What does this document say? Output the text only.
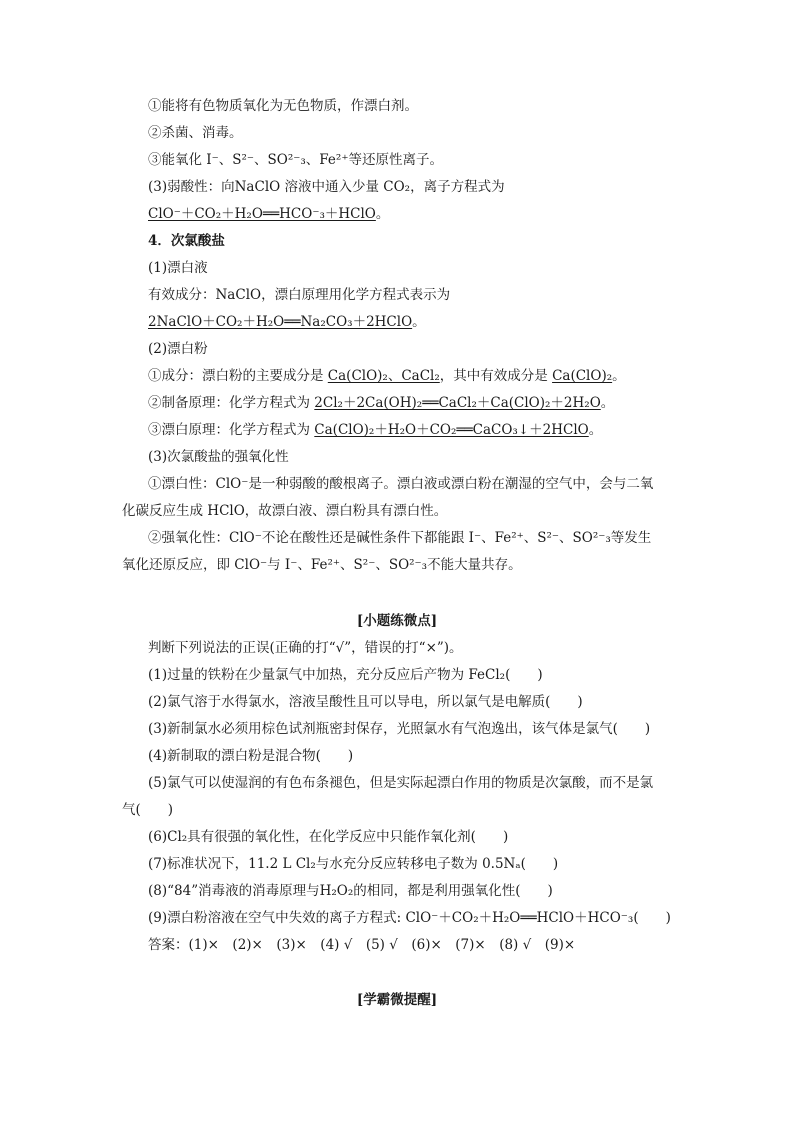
①能将有色物质氧化为无色物质，作漂白剂。
②杀菌、消毒。
③能氧化 I⁻、S²⁻、SO²⁻₃、Fe²⁺等还原性离子。
(3)弱酸性：向NaClO 溶液中通入少量 CO₂，离子方程式为
ClO⁻＋CO₂＋H₂O══HCO⁻₃＋HClO。
4．次氯酸盐
(1)漂白液
有效成分：NaClO，漂白原理用化学方程式表示为
2NaClO＋CO₂＋H₂O══Na₂CO₃＋2HClO。
(2)漂白粉
①成分：漂白粉的主要成分是 Ca(ClO)₂、CaCl₂，其中有效成分是 Ca(ClO)₂。
②制备原理：化学方程式为 2Cl₂＋2Ca(OH)₂══CaCl₂＋Ca(ClO)₂＋2H₂O。
③漂白原理：化学方程式为 Ca(ClO)₂＋H₂O＋CO₂══CaCO₃↓＋2HClO。
(3)次氯酸盐的强氧化性
①漂白性：ClO⁻是一种弱酸的酸根离子。漂白液或漂白粉在潮湿的空气中，会与二氧
化碳反应生成 HClO，故漂白液、漂白粉具有漂白性。
②强氧化性：ClO⁻不论在酸性还是碱性条件下都能跟 I⁻、Fe²⁺、S²⁻、SO²⁻₃等发生
氧化还原反应，即 ClO⁻与 I⁻、Fe²⁺、S²⁻、SO²⁻₃不能大量共存。
[小题练微点]
判断下列说法的正误(正确的打“√”，错误的打“×”)。
(1)过量的铁粉在少量氯气中加热，充分反应后产物为 FeCl₂(　　)
(2)氯气溶于水得氯水，溶液呈酸性且可以导电，所以氯气是电解质(　　)
(3)新制氯水必须用棕色试剂瓶密封保存，光照氯水有气泡逸出，该气体是氯气(　　)
(4)新制取的漂白粉是混合物(　　)
(5)氯气可以使湿润的有色布条褪色，但是实际起漂白作用的物质是次氯酸，而不是氯
气(　　)
(6)Cl₂具有很强的氧化性，在化学反应中只能作氧化剂(　　)
(7)标准状况下，11.2 L Cl₂与水充分反应转移电子数为 0.5Nₐ(　　)
(8)“84”消毒液的消毒原理与H₂O₂的相同，都是利用强氧化性(　　)
(9)漂白粉溶液在空气中失效的离子方程式: ClO⁻＋CO₂＋H₂O══HClO＋HCO⁻₃(　　)
答案：(1)×　(2)×　(3)×　(4) √　(5) √　(6)×　(7)×　(8) √　(9)×
[学霸微提醒]
